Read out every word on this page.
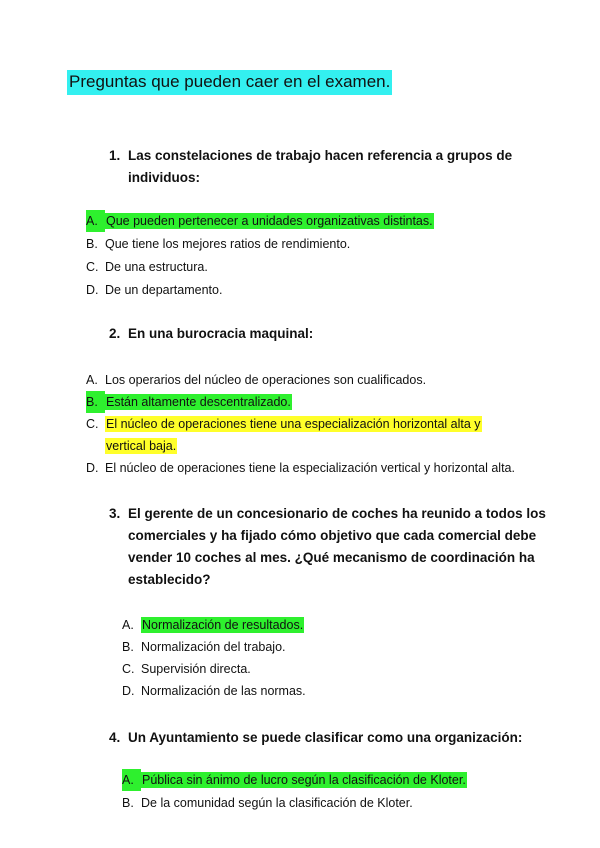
Preguntas que pueden caer en el examen.
1. Las constelaciones de trabajo hacen referencia a grupos de
individuos:
A. Que pueden pertenecer a unidades organizativas distintas.
B. Que tiene los mejores ratios de rendimiento.
C. De una estructura.
D. De un departamento.
2. En una burocracia maquinal:
A. Los operarios del núcleo de operaciones son cualificados.
B. Están altamente descentralizado.
C. El núcleo de operaciones tiene una especialización horizontal alta y
vertical baja.
D. El núcleo de operaciones tiene la especialización vertical y horizontal alta.
3. El gerente de un concesionario de coches ha reunido a todos los
comerciales y ha fijado cómo objetivo que cada comercial debe
vender 10 coches al mes. ¿Qué mecanismo de coordinación ha
establecido?
A. Normalización de resultados.
B. Normalización del trabajo.
C. Supervisión directa.
D. Normalización de las normas.
4. Un Ayuntamiento se puede clasificar como una organización:
A. Pública sin ánimo de lucro según la clasificación de Kloter.
B. De la comunidad según la clasificación de Kloter.
